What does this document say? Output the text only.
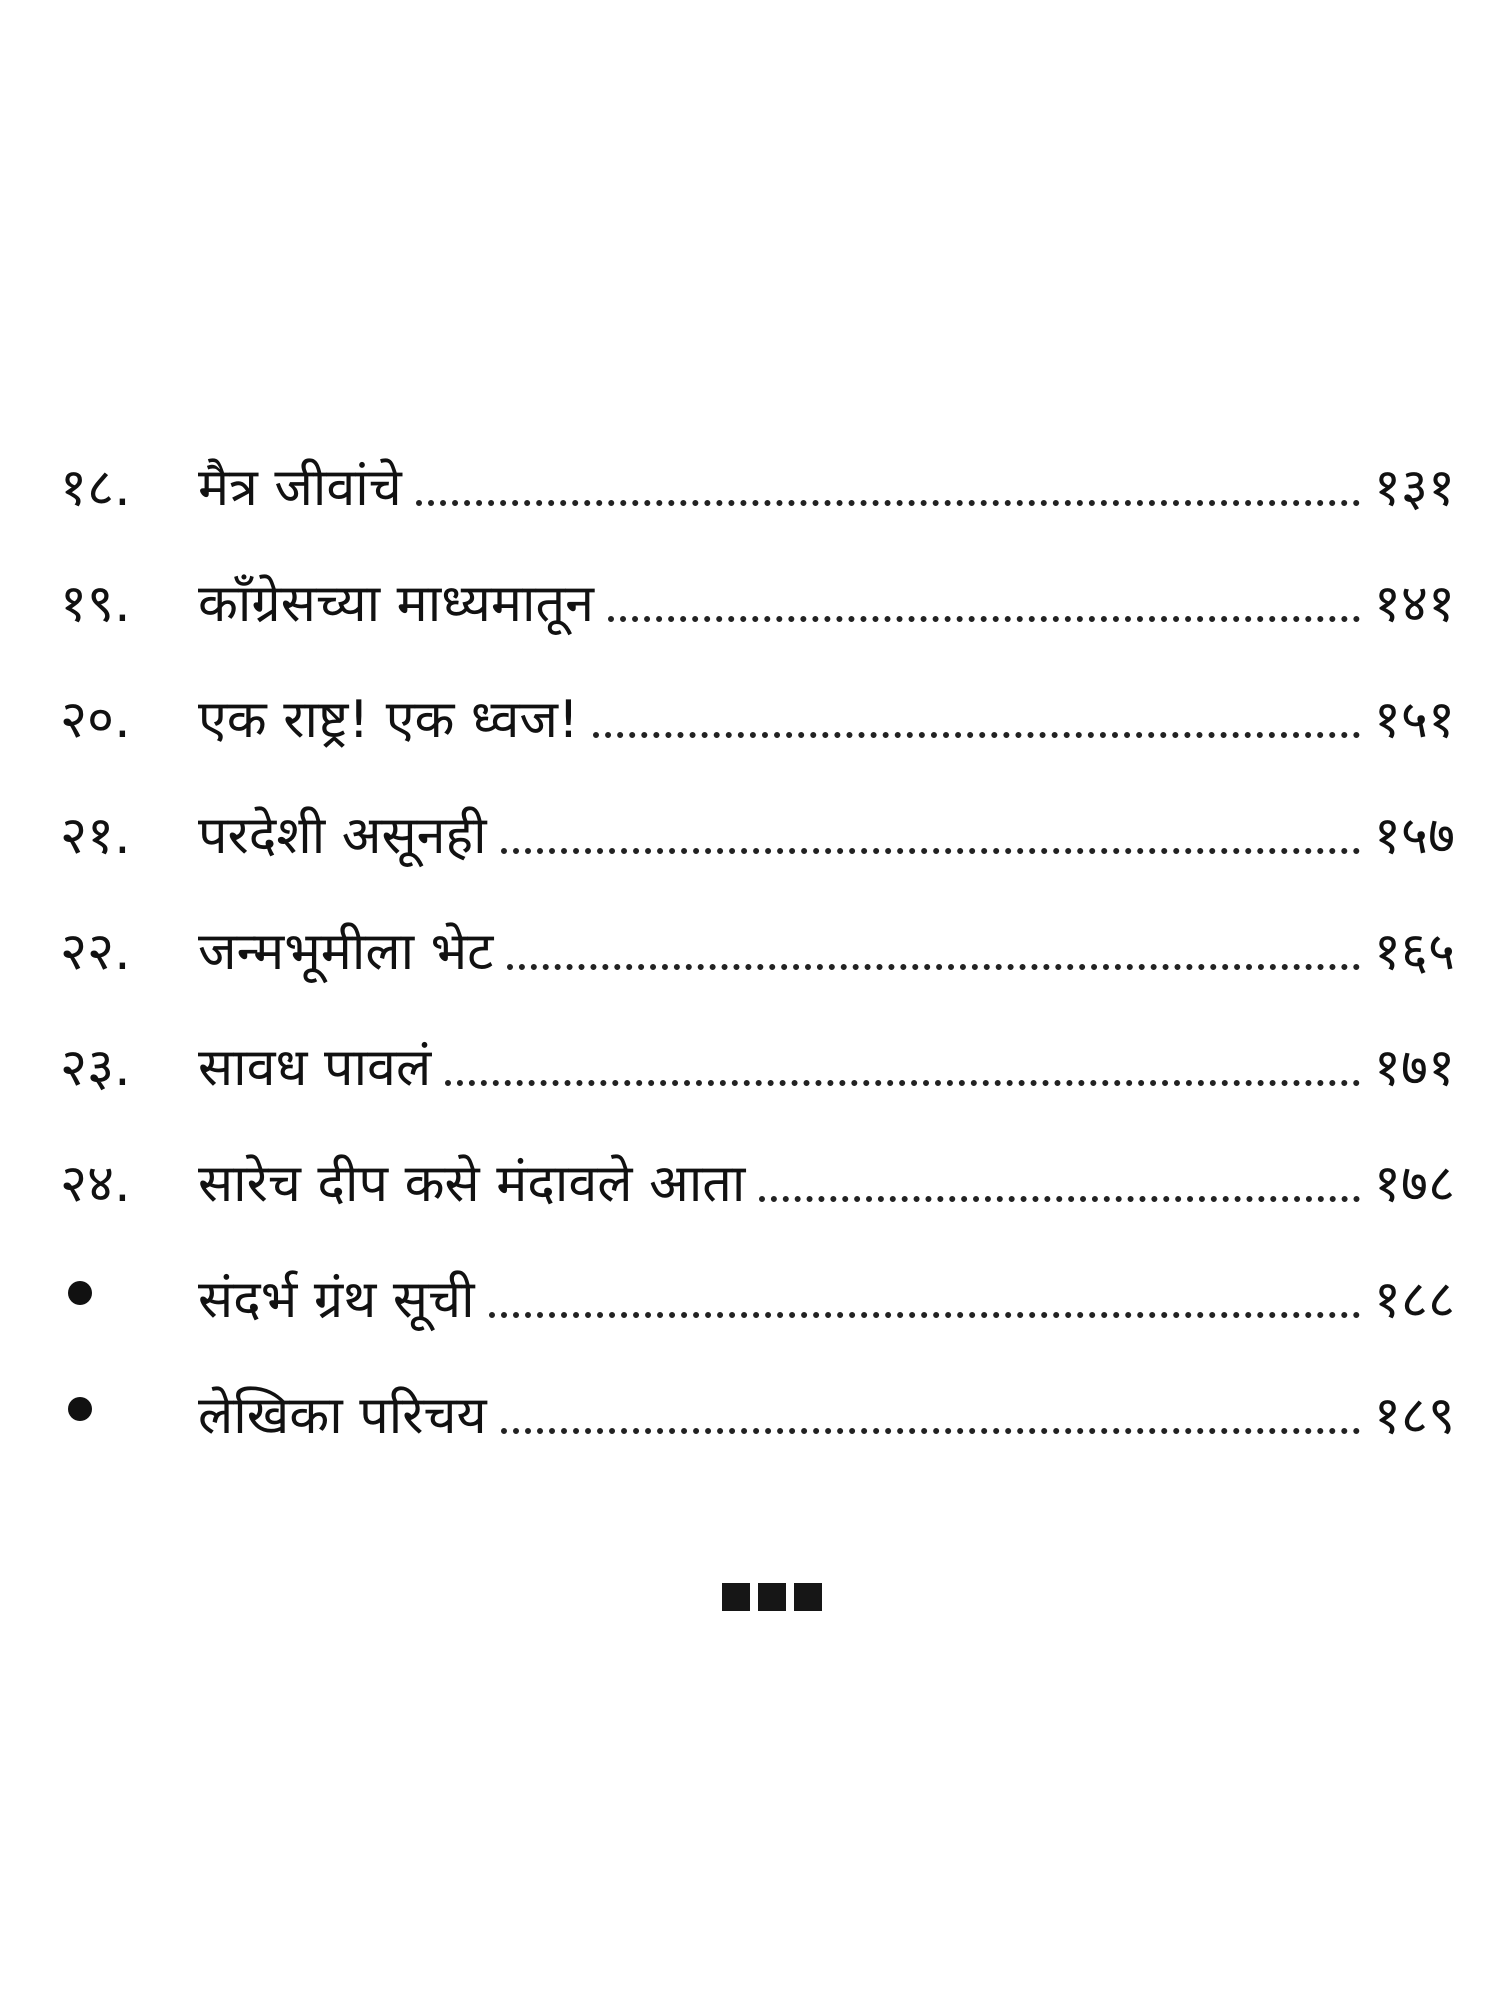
१८.	मैत्र जीवांचे	१३१
१९.	काँग्रेसच्या माध्यमातून	१४१
२०.	एक राष्ट्र! एक ध्वज!	१५१
२१.	परदेशी असूनही	१५७
२२.	जन्मभूमीला भेट	१६५
२३.	सावध पावलं	१७१
२४.	सारेच दीप कसे मंदावले आता	१७८
संदर्भ ग्रंथ सूची	१८८
लेखिका परिचय	१८९
